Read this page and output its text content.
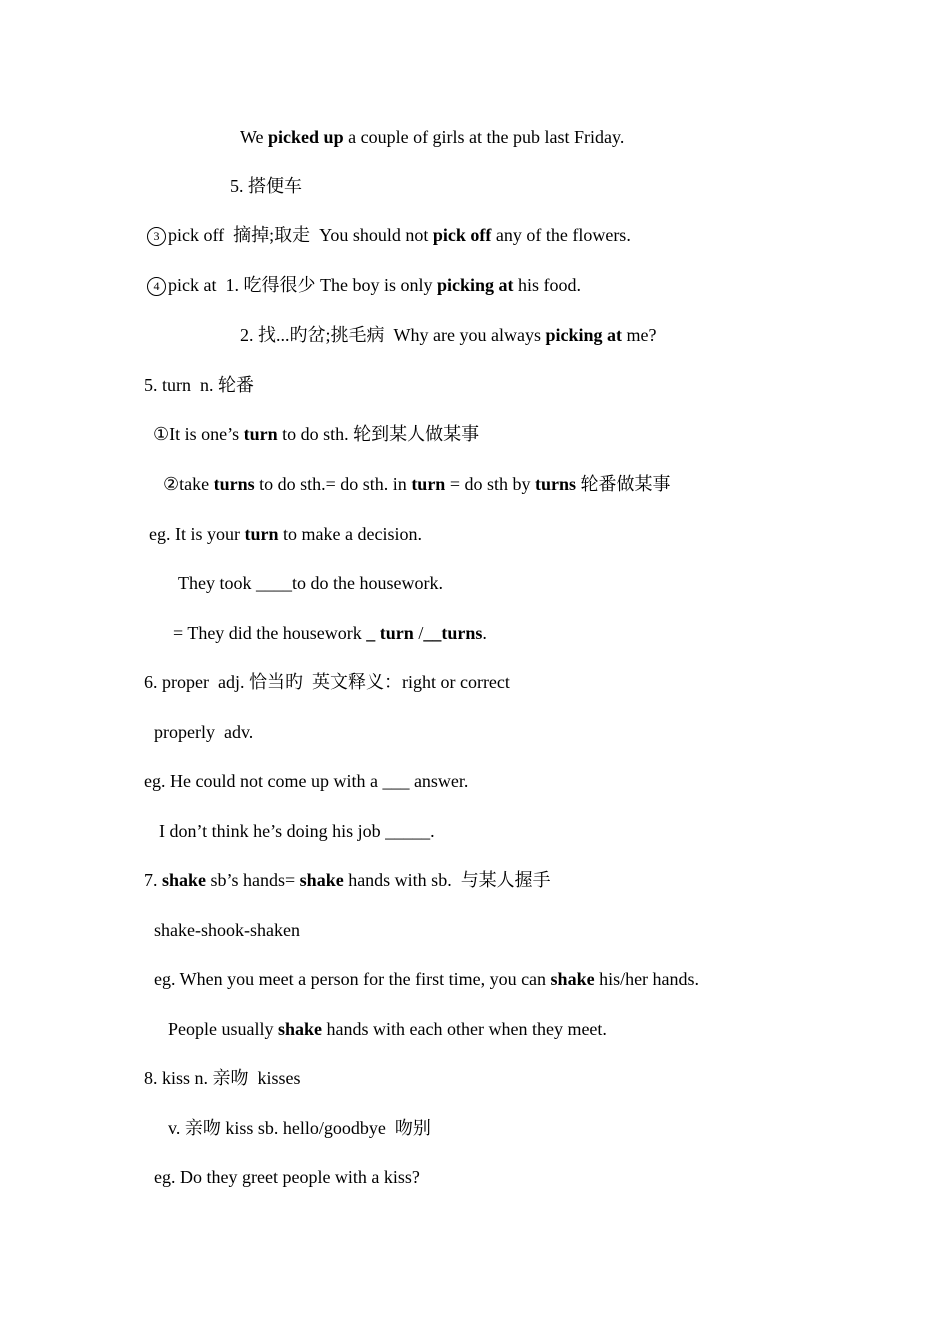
We picked up a couple of girls at the pub last Friday.
5. 搭便车
3 pick off  摘掉;取走  You should not pick off any of the flowers.
4 pick at  1. 吃得很少 The boy is only picking at his food.
2. 找...旳岔;挑毛病  Why are you always picking at me?
5. turn  n. 轮番
①It is one’s turn to do sth. 轮到某人做某事
②take turns to do sth.= do sth. in turn = do sth by turns 轮番做某事
eg. It is your turn to make a decision.
They took ____to do the housework.
= They did the housework _ turn /__turns.
6. proper  adj. 恰当旳  英文释义：right or correct
properly  adv.
eg. He could not come up with a ___ answer.
I don’t think he’s doing his job _____.
7. shake sb’s hands= shake hands with sb.  与某人握手
shake-shook-shaken
eg. When you meet a person for the first time, you can shake his/her hands.
People usually shake hands with each other when they meet.
8. kiss n. 亲吻  kisses
v. 亲吻 kiss sb. hello/goodbye  吻别
eg. Do they greet people with a kiss?
